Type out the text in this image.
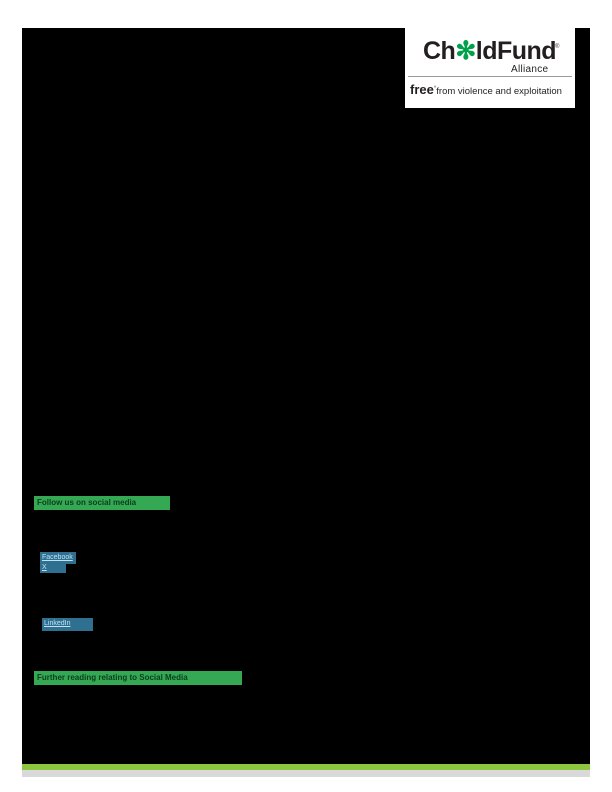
Ch✻ldFund
®
Alliance
free°from violence and exploitation
Follow us on social media
Further reading relating to Social Media
Facebook
X
LinkedIn
